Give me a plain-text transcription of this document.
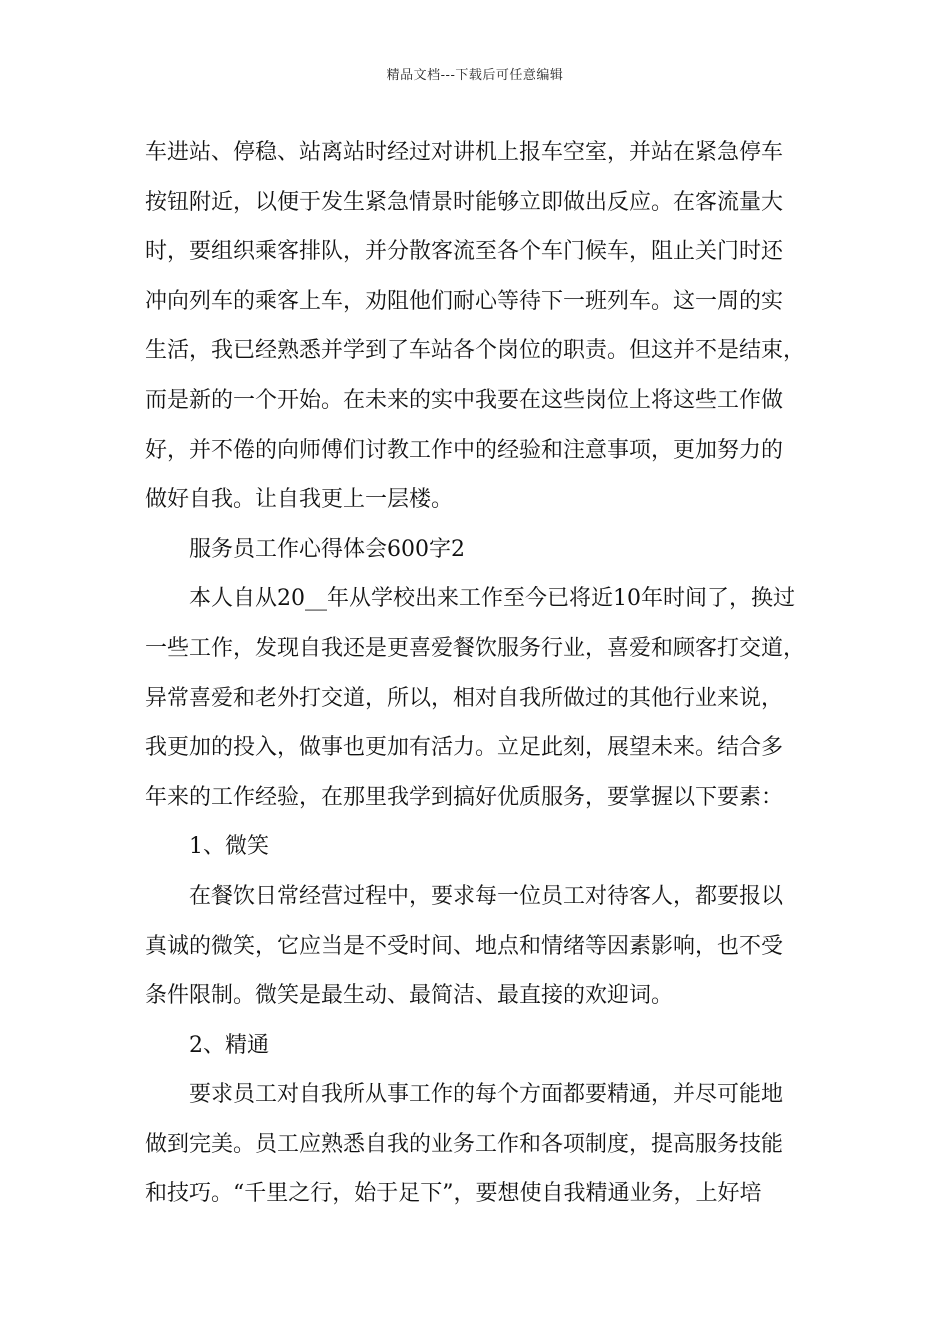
精品文档---下载后可任意编辑
车进站、停稳、站离站时经过对讲机上报车空室，并站在紧急停车
按钮附近，以便于发生紧急情景时能够立即做出反应。在客流量大
时，要组织乘客排队，并分散客流至各个车门候车，阻止关门时还
冲向列车的乘客上车，劝阻他们耐心等待下一班列车。这一周的实
生活，我已经熟悉并学到了车站各个岗位的职责。但这并不是结束，
而是新的一个开始。在未来的实中我要在这些岗位上将这些工作做
好，并不倦的向师傅们讨教工作中的经验和注意事项，更加努力的
做好自我。让自我更上一层楼。
服务员工作心得体会600字2
本人自从20__年从学校出来工作至今已将近10年时间了，换过
一些工作，发现自我还是更喜爱餐饮服务行业，喜爱和顾客打交道，
异常喜爱和老外打交道，所以，相对自我所做过的其他行业来说，
我更加的投入，做事也更加有活力。立足此刻，展望未来。结合多
年来的工作经验，在那里我学到搞好优质服务，要掌握以下要素：
1、微笑
在餐饮日常经营过程中，要求每一位员工对待客人，都要报以
真诚的微笑，它应当是不受时间、地点和情绪等因素影响，也不受
条件限制。微笑是最生动、最简洁、最直接的欢迎词。
2、精通
要求员工对自我所从事工作的每个方面都要精通，并尽可能地
做到完美。员工应熟悉自我的业务工作和各项制度，提高服务技能
和技巧。“千里之行，始于足下”，要想使自我精通业务，上好培
